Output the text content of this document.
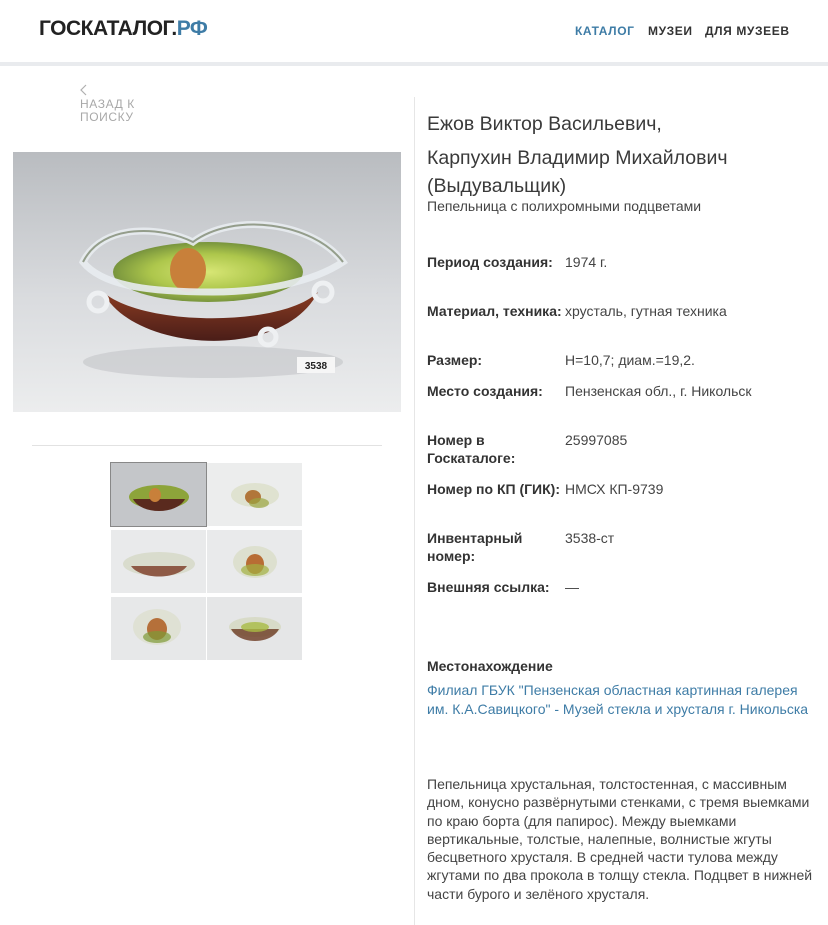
ГОСКАТАЛОГ.РФ	КАТАЛОГ МУЗЕИ ДЛЯ МУЗЕЕВ
НАЗАД К ПОИСКУ
3538
Ежов Виктор Васильевич,
Карпухин Владимир Михайлович (Выдувальщик)
Пепельница с полихромными подцветами
Период создания: 1974 г.
Материал, техника: хрусталь, гутная техника
Размер:	Н=10,7; диам.=19,2.
Место создания:	Пензенская обл., г. Никольск
Номер в Госкаталоге:
25997085
Номер по КП (ГИК): НМСХ КП-9739
Инвентарный номер:
3538-ст
Внешняя ссылка:	—
Местонахождение
Филиал ГБУК "Пензенская областная картинная галерея им. К.А.Савицкого" - Музей стекла и хрусталя г. Никольска
Пепельница хрустальная, толстостенная, с массивным дном, конусно развёрнутыми стенками, с тремя выемками по краю борта (для папирос). Между выемками вертикальные, толстые, налепные, волнистые жгуты бесцветного хрусталя. В средней части тулова между жгутами по два прокола в толщу стекла. Подцвет в нижней части бурого и зелёного хрусталя.
